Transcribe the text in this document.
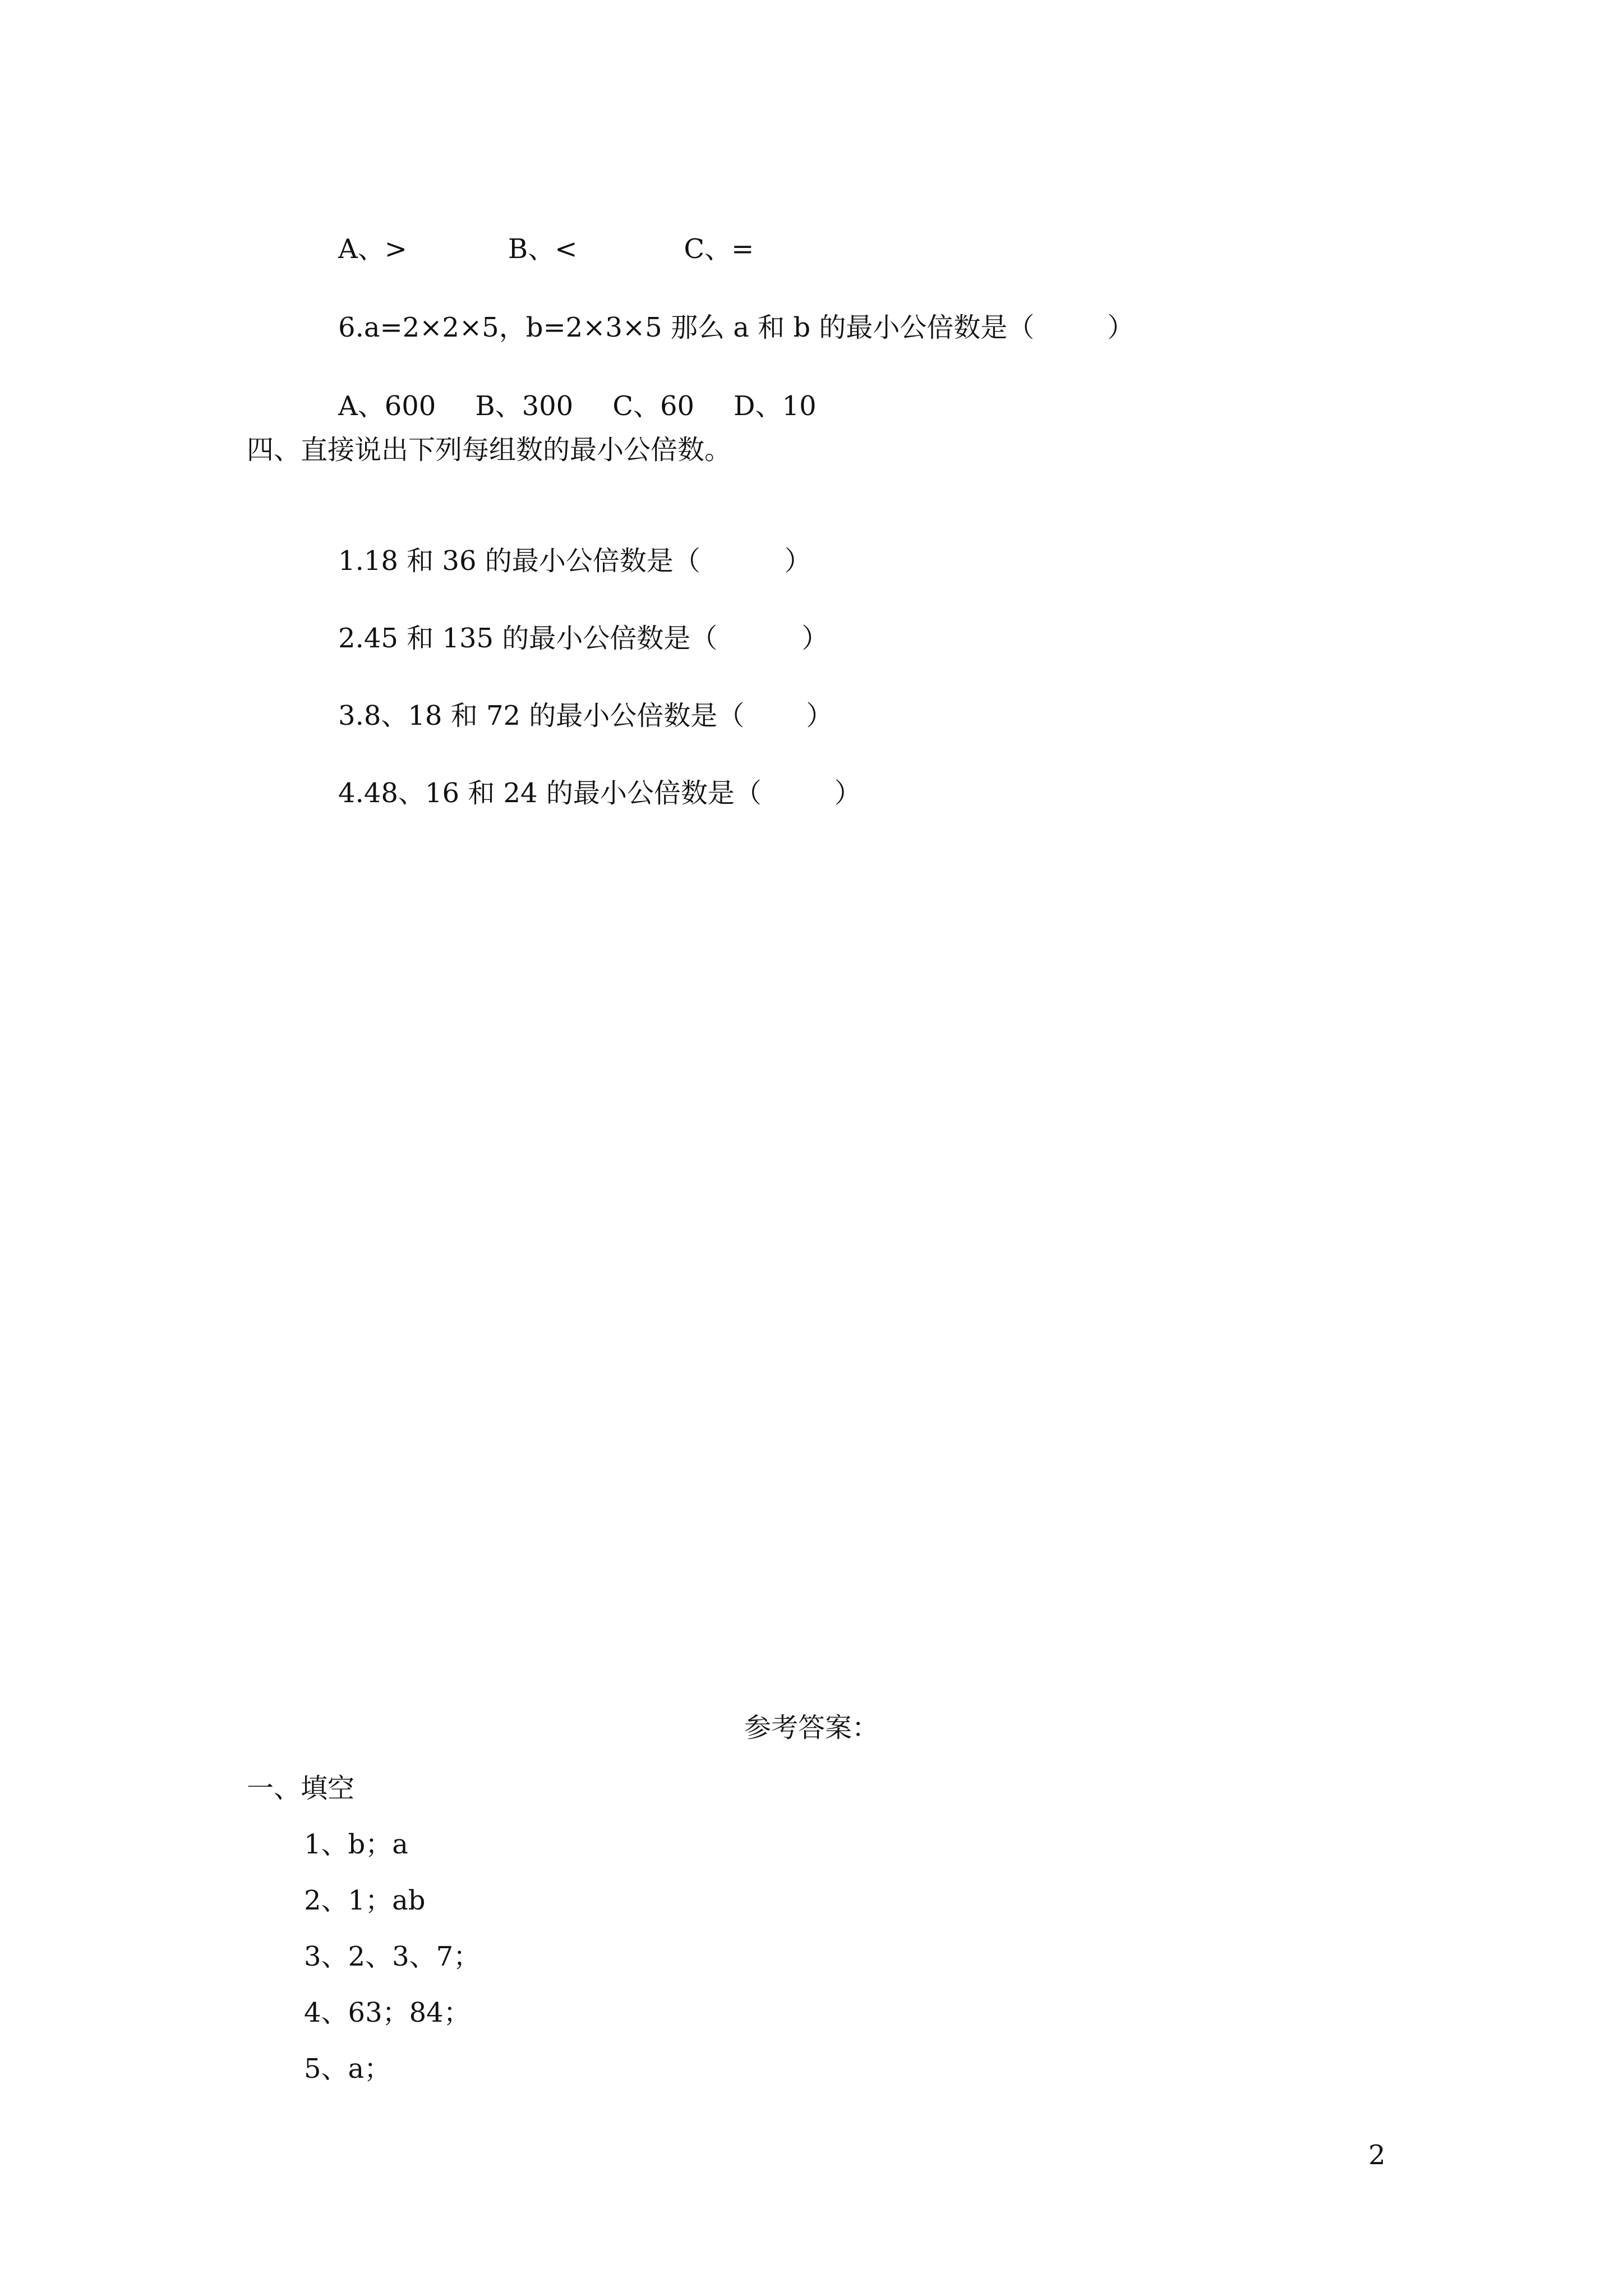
A、>	B、<	C、=

6.a=2×2×5，b=2×3×5 那么 a 和 b 的最小公倍数是（	）

A、600 B、300 C、60 D、10

四、直接说出下列每组数的最小公倍数。

1.18 和 36 的最小公倍数是（	）

2.45 和 135 的最小公倍数是（	）

3.8、18 和 72 的最小公倍数是（ ）

4.48、16 和 24 的最小公倍数是（	）

参考答案：
一、填空
1、b；a
2、1；ab
3、2、3、7；
4、63；84；
5、a；
2
